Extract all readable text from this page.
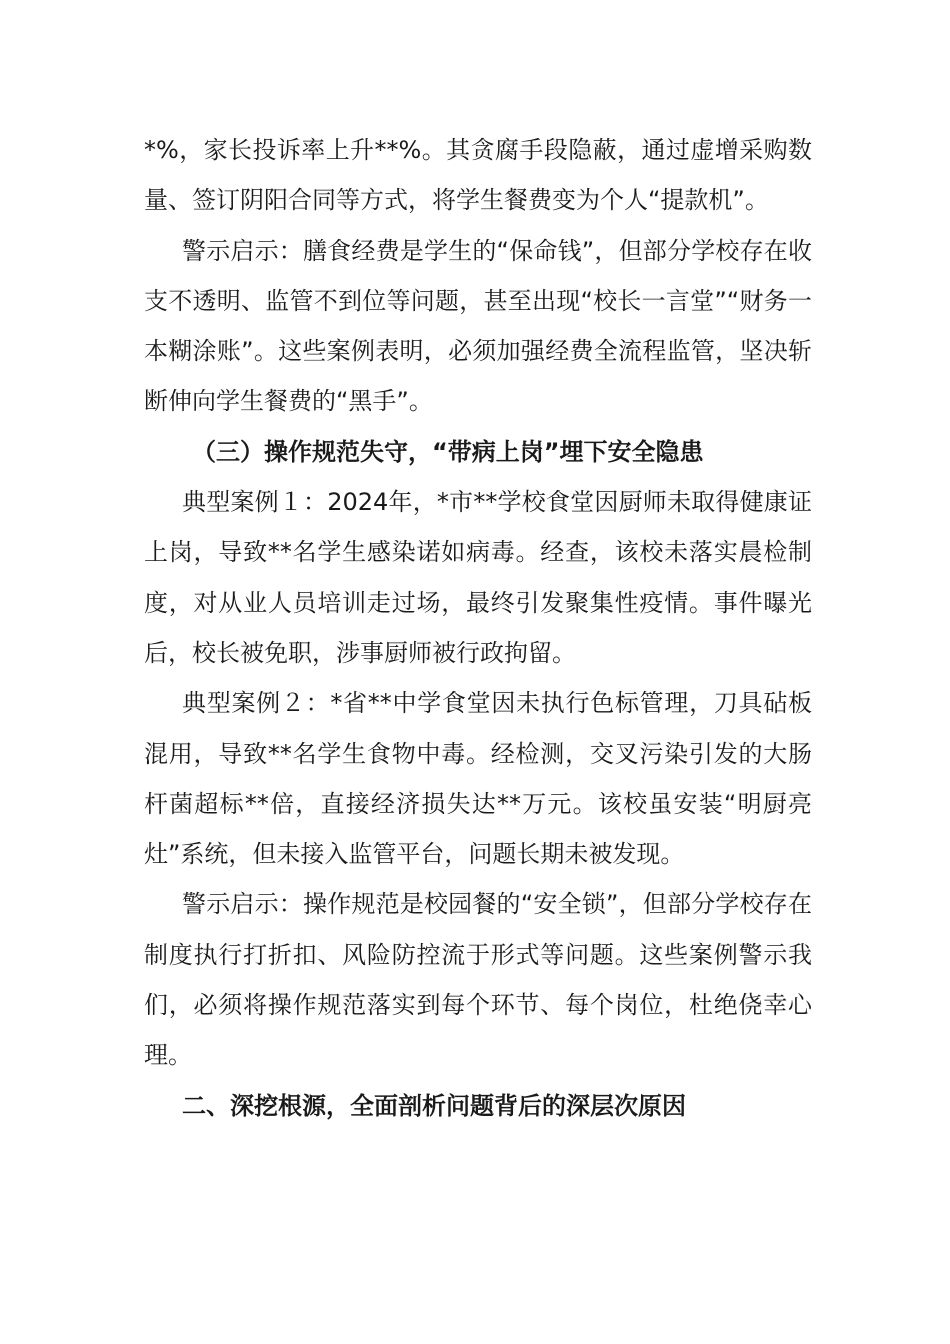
*%，家长投诉率上升**%。其贪腐手段隐蔽，通过虚增采购数量、签订阴阳合同等方式，将学生餐费变为个人“提款机”。

警示启示：膳食经费是学生的“保命钱”，但部分学校存在收支不透明、监管不到位等问题，甚至出现“校长一言堂”“财务一本糊涂账”。这些案例表明，必须加强经费全流程监管，坚决斩断伸向学生餐费的“黑手”。

（三）操作规范失守，“带病上岗”埋下安全隐患

典型案例１：2024年，*市**学校食堂因厨师未取得健康证上岗，导致**名学生感染诺如病毒。经查，该校未落实晨检制度，对从业人员培训走过场，最终引发聚集性疫情。事件曝光后，校长被免职，涉事厨师被行政拘留。

典型案例２：*省**中学食堂因未执行色标管理，刀具砧板混用，导致**名学生食物中毒。经检测，交叉污染引发的大肠杆菌超标**倍，直接经济损失达**万元。该校虽安装“明厨亮灶”系统，但未接入监管平台，问题长期未被发现。

警示启示：操作规范是校园餐的“安全锁”，但部分学校存在制度执行打折扣、风险防控流于形式等问题。这些案例警示我们，必须将操作规范落实到每个环节、每个岗位，杜绝侥幸心理。

二、深挖根源，全面剖析问题背后的深层次原因
